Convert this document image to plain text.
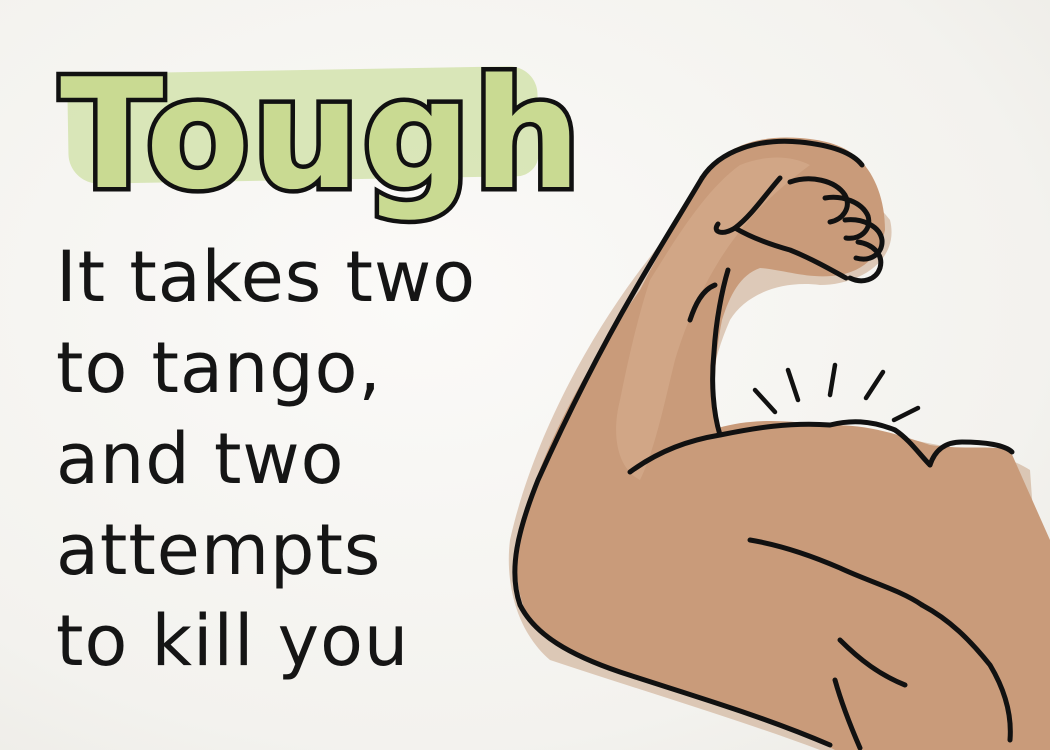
Tough
It takes two
to tango,
and two
attempts
to kill you
